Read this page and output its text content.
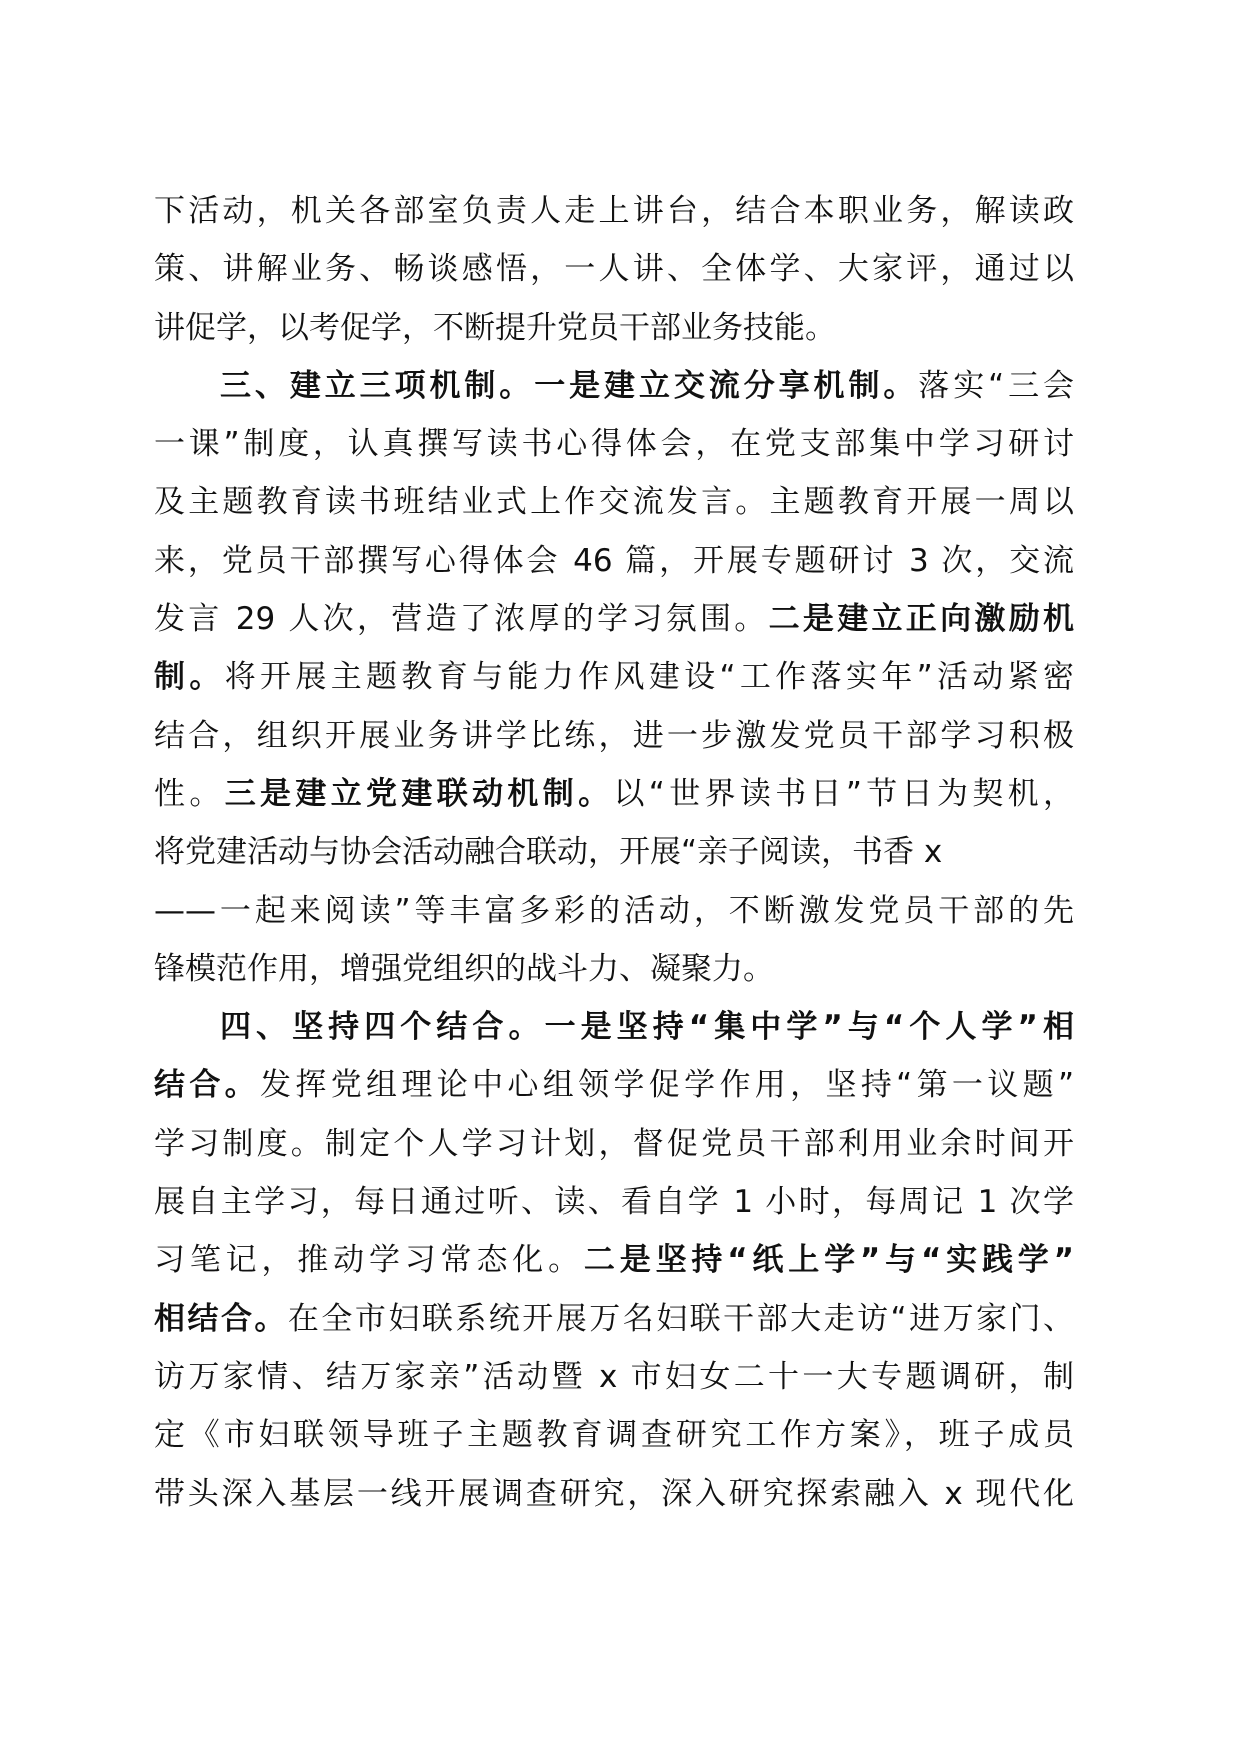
下活动，机关各部室负责人走上讲台，结合本职业务，解读政
策、讲解业务、畅谈感悟，一人讲、全体学、大家评，通过以
讲促学，以考促学，不断提升党员干部业务技能。
三、建立三项机制。一是建立交流分享机制。落实“三会
一课”制度，认真撰写读书心得体会，在党支部集中学习研讨
及主题教育读书班结业式上作交流发言。主题教育开展一周以
来，党员干部撰写心得体会 46 篇，开展专题研讨 3 次，交流
发言 29 人次，营造了浓厚的学习氛围。二是建立正向激励机
制。将开展主题教育与能力作风建设“工作落实年”活动紧密
结合，组织开展业务讲学比练，进一步激发党员干部学习积极
性。三是建立党建联动机制。以“世界读书日”节日为契机，
将党建活动与协会活动融合联动，开展“亲子阅读，书香 x
——一起来阅读”等丰富多彩的活动，不断激发党员干部的先
锋模范作用，增强党组织的战斗力、凝聚力。
四、坚持四个结合。一是坚持“集中学”与“个人学”相
结合。发挥党组理论中心组领学促学作用，坚持“第一议题”
学习制度。制定个人学习计划，督促党员干部利用业余时间开
展自主学习，每日通过听、读、看自学 1 小时，每周记 1 次学
习笔记，推动学习常态化。二是坚持“纸上学”与“实践学”
相结合。在全市妇联系统开展万名妇联干部大走访“进万家门、
访万家情、结万家亲”活动暨 x 市妇女二十一大专题调研，制
定《市妇联领导班子主题教育调查研究工作方案》，班子成员
带头深入基层一线开展调查研究，深入研究探索融入 x 现代化
